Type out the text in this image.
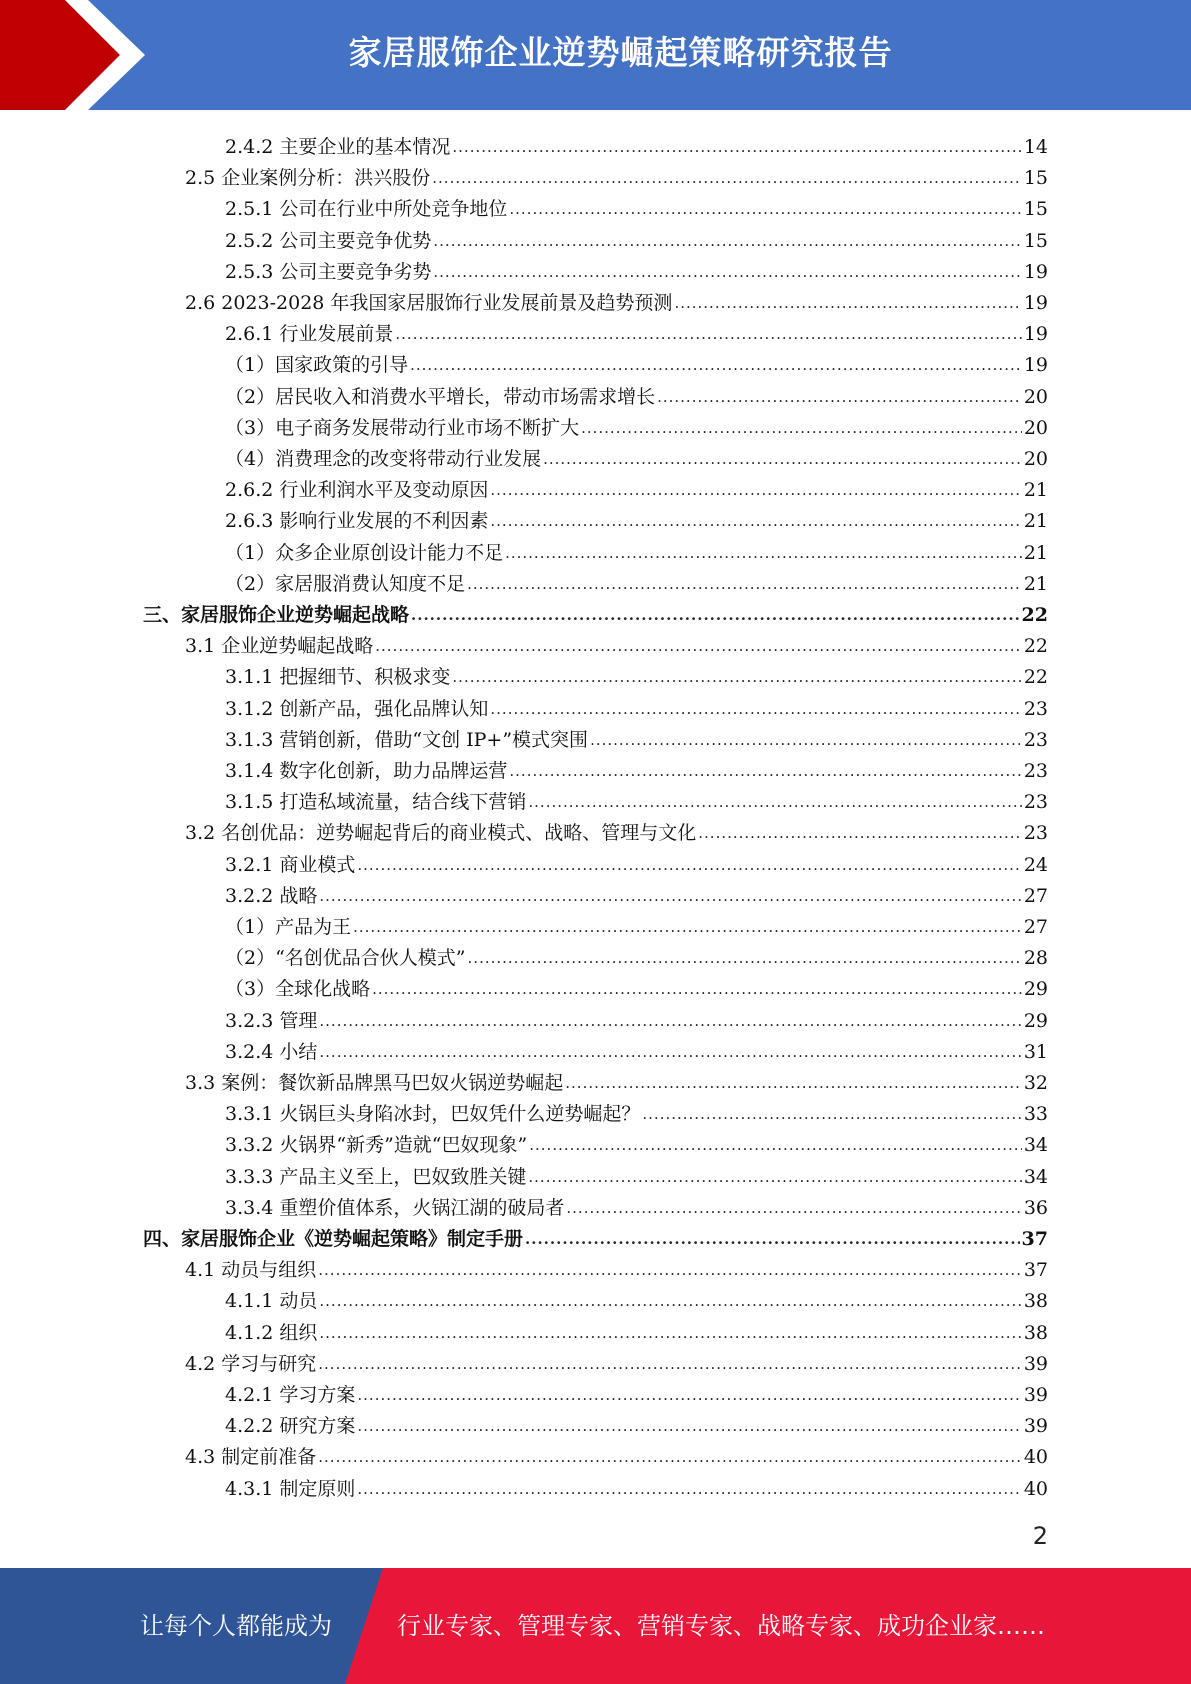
家居服饰企业逆势崛起策略研究报告
2.4.2 主要企业的基本情况 .....	14
2.5 企业案例分析：洪兴股份 .....	15
2.5.1 公司在行业中所处竞争地位 .....	15
2.5.2 公司主要竞争优势 .....	15
2.5.3 公司主要竞争劣势 .....	19
2.6 2023-2028 年我国家居服饰行业发展前景及趋势预测 .....	19
2.6.1 行业发展前景 .....	19
（1）国家政策的引导 .....	19
（2）居民收入和消费水平增长，带动市场需求增长 .....	20
（3）电子商务发展带动行业市场不断扩大 .....	20
（4）消费理念的改变将带动行业发展 .....	20
2.6.2 行业利润水平及变动原因 .....	21
2.6.3 影响行业发展的不利因素 .....	21
（1）众多企业原创设计能力不足 .....	21
（2）家居服消费认知度不足 .....	21
三、家居服饰企业逆势崛起战略 .....	22
3.1 企业逆势崛起战略 .....	22
3.1.1 把握细节、积极求变 .....	22
3.1.2 创新产品，强化品牌认知 .....	23
3.1.3 营销创新，借助“文创 IP+”模式突围 .....	23
3.1.4 数字化创新，助力品牌运营 .....	23
3.1.5 打造私域流量，结合线下营销 .....	23
3.2 名创优品：逆势崛起背后的商业模式、战略、管理与文化 .....	23
3.2.1 商业模式 .....	24
3.2.2 战略 .....	27
（1）产品为王 .....	27
（2）“名创优品合伙人模式” .....	28
（3）全球化战略 .....	29
3.2.3 管理 .....	29
3.2.4 小结 .....	31
3.3 案例：餐饮新品牌黑马巴奴火锅逆势崛起 .....	32
3.3.1 火锅巨头身陷冰封，巴奴凭什么逆势崛起？ .....	33
3.3.2 火锅界“新秀”造就“巴奴现象” .....	34
3.3.3 产品主义至上，巴奴致胜关键 .....	34
3.3.4 重塑价值体系，火锅江湖的破局者 .....	36
四、家居服饰企业《逆势崛起策略》制定手册 .....	37
4.1 动员与组织 .....	37
4.1.1 动员 .....	38
4.1.2 组织 .....	38
4.2 学习与研究 .....	39
4.2.1 学习方案 .....	39
4.2.2 研究方案 .....	39
4.3 制定前准备 .....	40
4.3.1 制定原则 .....	40
2
让每个人都能成为	行业专家、管理专家、营销专家、战略专家、成功企业家……
